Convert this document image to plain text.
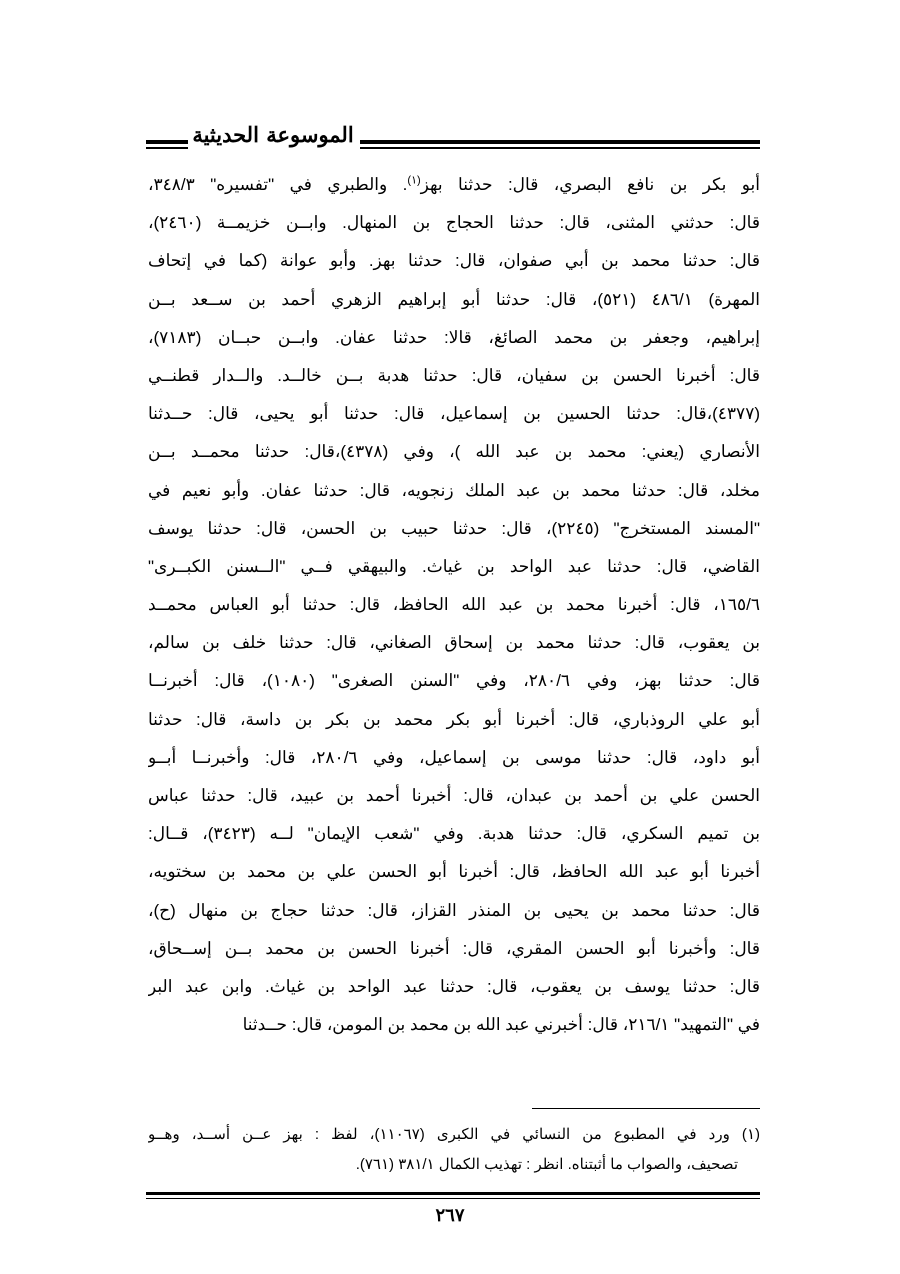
الموسوعة الحديثية
أبو بكر بن نافع البصري، قال: حدثنا بهز$^{(١)}$. والطبري في "تفسيره" ٣٤٨/٣،
قال: حدثني المثنى، قال: حدثنا الحجاج بن المنهال. وابــن خزيمــة (٢٤٦٠)،
قال: حدثنا محمد بن أبي صفوان، قال: حدثنا بهز. وأبو عوانة (كما في إتحاف
المهرة) ٤٨٦/١ (٥٢١)، قال: حدثنا أبو إبراهيم الزهري أحمد بن ســعد بــن
إبراهيم، وجعفر بن محمد الصائغ، قالا: حدثنا عفان. وابــن حبــان (٧١٨٣)،
قال: أخبرنا الحسن بن سفيان، قال: حدثنا هدبة بــن خالــد. والــدار قطنــي
(٤٣٧٧)،قال: حدثنا الحسين بن إسماعيل، قال: حدثنا أبو يحيى، قال: حــدثنا
الأنصاري (يعني: محمد بن عبد الله )، وفي (٤٣٧٨)،قال: حدثنا محمــد بــن
مخلد، قال: حدثنا محمد بن عبد الملك زنجويه، قال: حدثنا عفان. وأبو نعيم في
"المسند المستخرج" (٢٢٤٥)، قال: حدثنا حبيب بن الحسن، قال: حدثنا يوسف
القاضي، قال: حدثنا عبد الواحد بن غياث. والبيهقي فــي "الــسنن الكبــرى"
١٦٥/٦، قال: أخبرنا محمد بن عبد الله الحافظ، قال: حدثنا أبو العباس محمــد
بن يعقوب، قال: حدثنا محمد بن إسحاق الصغاني، قال: حدثنا خلف بن سالم،
قال: حدثنا بهز، وفي ٢٨٠/٦، وفي "السنن الصغرى" (١٠٨٠)، قال: أخبرنــا
أبو علي الروذباري، قال: أخبرنا أبو بكر محمد بن بكر بن داسة، قال: حدثنا
أبو داود، قال: حدثنا موسى بن إسماعيل، وفي ٢٨٠/٦، قال: وأخبرنــا أبــو
الحسن علي بن أحمد بن عبدان، قال: أخبرنا أحمد بن عبيد، قال: حدثنا عباس
بن تميم السكري، قال: حدثنا هدبة. وفي "شعب الإيمان" لــه (٣٤٢٣)، قــال:
أخبرنا أبو عبد الله الحافظ، قال: أخبرنا أبو الحسن علي بن محمد بن سختويه،
قال: حدثنا محمد بن يحيى بن المنذر القزاز، قال: حدثنا حجاج بن منهال (ح)،
قال: وأخبرنا أبو الحسن المقري، قال: أخبرنا الحسن بن محمد بــن إســحاق،
قال: حدثنا يوسف بن يعقوب، قال: حدثنا عبد الواحد بن غياث. وابن عبد البر
في "التمهيد" ٢١٦/١، قال: أخبرني عبد الله بن محمد بن المومن، قال: حــدثنا
(١) ورد في المطبوع من النسائي في الكبرى (١١٠٦٧)، لفظ : بهز عــن أســد، وهــو
تصحيف، والصواب ما أثبتناه. انظر : تهذيب الكمال ٣٨١/١ (٧٦١).
٢٦٧
